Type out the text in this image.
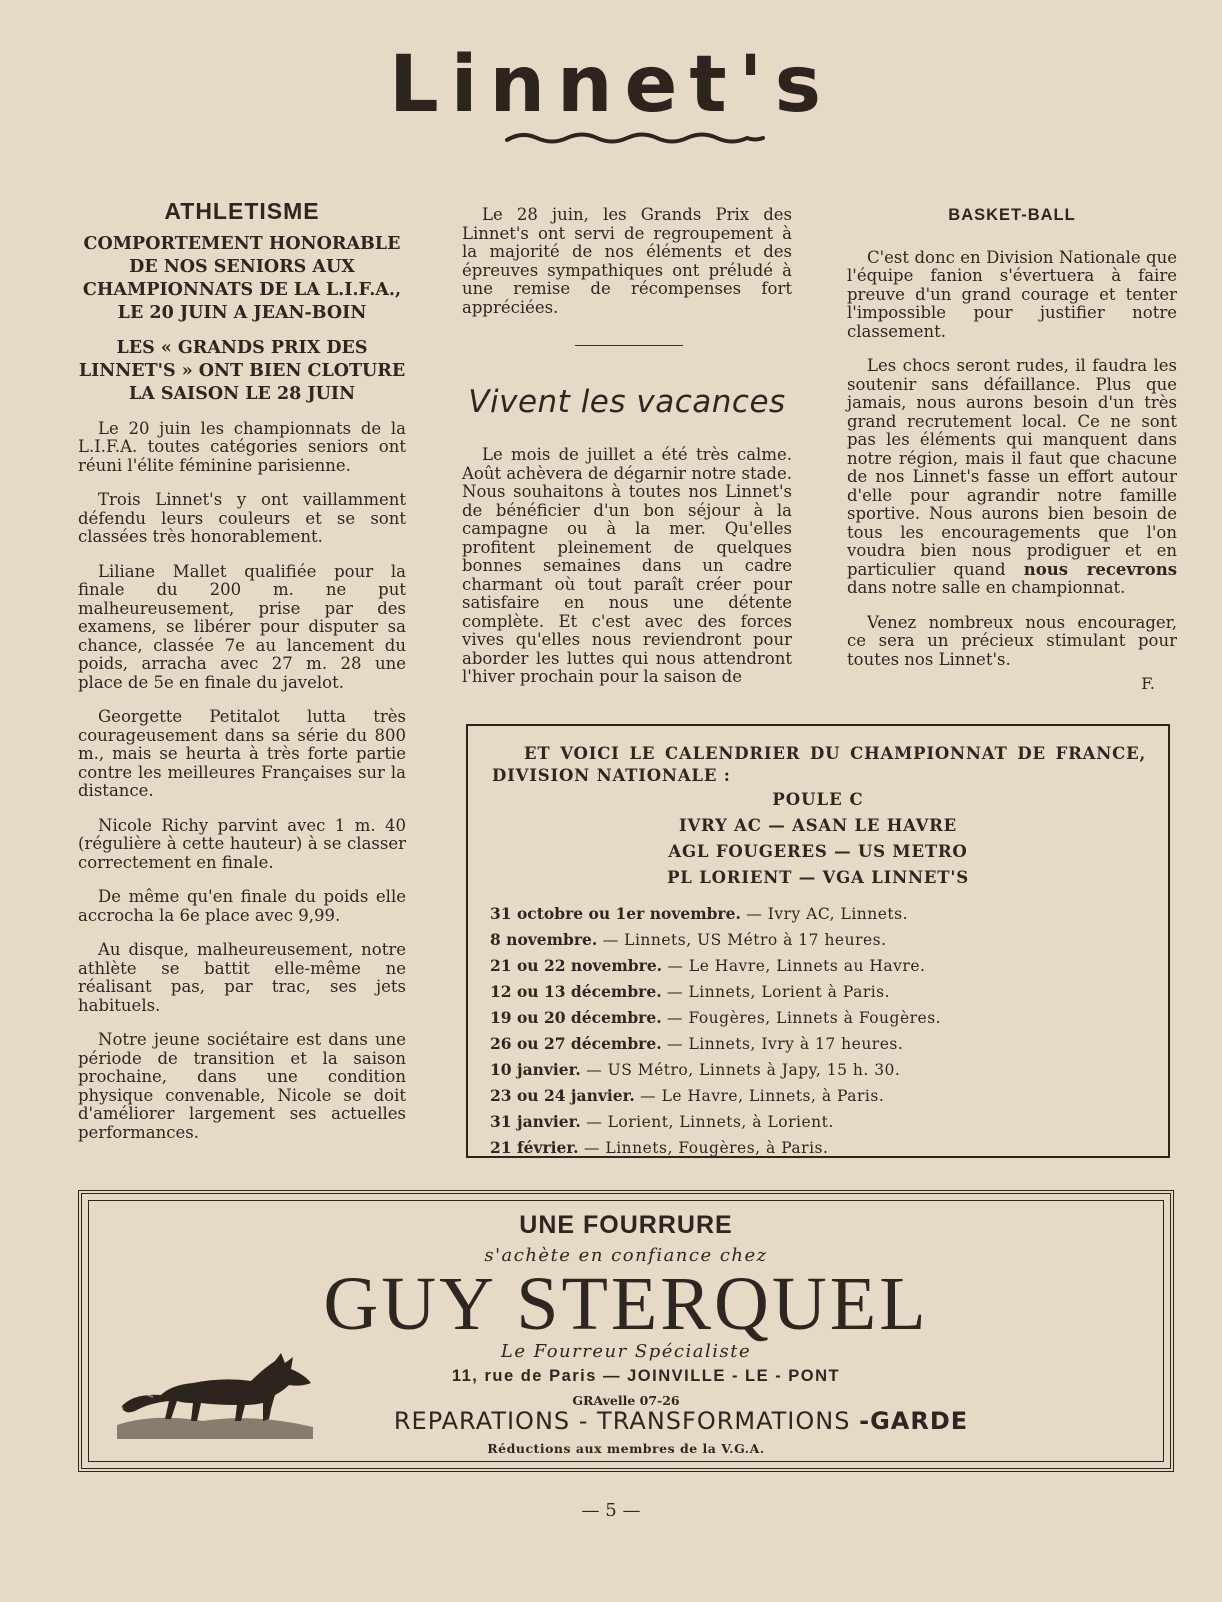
Linnet's
ATHLETISME

COMPORTEMENT HONORABLE DE NOS SENIORS AUX CHAMPIONNATS DE LA L.I.F.A., LE 20 JUIN A JEAN-BOIN

LES « GRANDS PRIX DES LINNET'S » ONT BIEN CLOTURE LA SAISON LE 28 JUIN

Le 20 juin les championnats de la L.I.F.A. toutes catégories seniors ont réuni l'élite féminine parisienne.

Trois Linnet's y ont vaillamment défendu leurs couleurs et se sont classées très honorablement.

Liliane Mallet qualifiée pour la finale du 200 m. ne put malheureusement, prise par des examens, se libérer pour disputer sa chance, classée 7e au lancement du poids, arracha avec 27 m. 28 une place de 5e en finale du javelot.

Georgette Petitalot lutta très courageusement dans sa série du 800 m., mais se heurta à très forte partie contre les meilleures Françaises sur la distance.

Nicole Richy parvint avec 1 m. 40 (régulière à cette hauteur) à se classer correctement en finale.

De même qu'en finale du poids elle accrocha la 6e place avec 9,99.

Au disque, malheureusement, notre athlète se battit elle-même ne réalisant pas, par trac, ses jets habituels.

Notre jeune sociétaire est dans une période de transition et la saison prochaine, dans une condition physique convenable, Nicole se doit d'améliorer largement ses actuelles performances.

Le 28 juin, les Grands Prix des Linnet's ont servi de regroupement à la majorité de nos éléments et des épreuves sympathiques ont préludé à une remise de récompenses fort appréciées.

Vivent les vacances

Le mois de juillet a été très calme. Août achèvera de dégarnir notre stade. Nous souhaitons à toutes nos Linnet's de bénéficier d'un bon séjour à la campagne ou à la mer. Qu'elles profitent pleinement de quelques bonnes semaines dans un cadre charmant où tout paraît créer pour satisfaire en nous une détente complète. Et c'est avec des forces vives qu'elles nous reviendront pour aborder les luttes qui nous attendront l'hiver prochain pour la saison de

BASKET-BALL

C'est donc en Division Nationale que l'équipe fanion s'évertuera à faire preuve d'un grand courage et tenter l'impossible pour justifier notre classement.

Les chocs seront rudes, il faudra les soutenir sans défaillance. Plus que jamais, nous aurons besoin d'un très grand recrutement local. Ce ne sont pas les éléments qui manquent dans notre région, mais il faut que chacune de nos Linnet's fasse un effort autour d'elle pour agrandir notre famille sportive. Nous aurons bien besoin de tous les encouragements que l'on voudra bien nous prodiguer et en particulier quand nous recevrons dans notre salle en championnat.

Venez nombreux nous encourager, ce sera un précieux stimulant pour toutes nos Linnet's.

F.
ET VOICI LE CALENDRIER DU CHAMPIONNAT DE FRANCE, DIVISION NATIONALE :
POULE C
IVRY AC — ASAN LE HAVRE
AGL FOUGERES — US METRO
PL LORIENT — VGA LINNET'S
31 octobre ou 1er novembre. — Ivry AC, Linnets.
8 novembre. — Linnets, US Métro à 17 heures.
21 ou 22 novembre. — Le Havre, Linnets au Havre.
12 ou 13 décembre. — Linnets, Lorient à Paris.
19 ou 20 décembre. — Fougères, Linnets à Fougères.
26 ou 27 décembre. — Linnets, Ivry à 17 heures.
10 janvier. — US Métro, Linnets à Japy, 15 h. 30.
23 ou 24 janvier. — Le Havre, Linnets, à Paris.
31 janvier. — Lorient, Linnets, à Lorient.
21 février. — Linnets, Fougères, à Paris.
UNE FOURRURE
s'achète en confiance chez
GUY STERQUEL
Le Fourreur Spécialiste
11, rue de Paris — JOINVILLE - LE - PONT
GRAvelle 07-26
REPARATIONS - TRANSFORMATIONS -GARDE
Réductions aux membres de la V.G.A.
— 5 —
